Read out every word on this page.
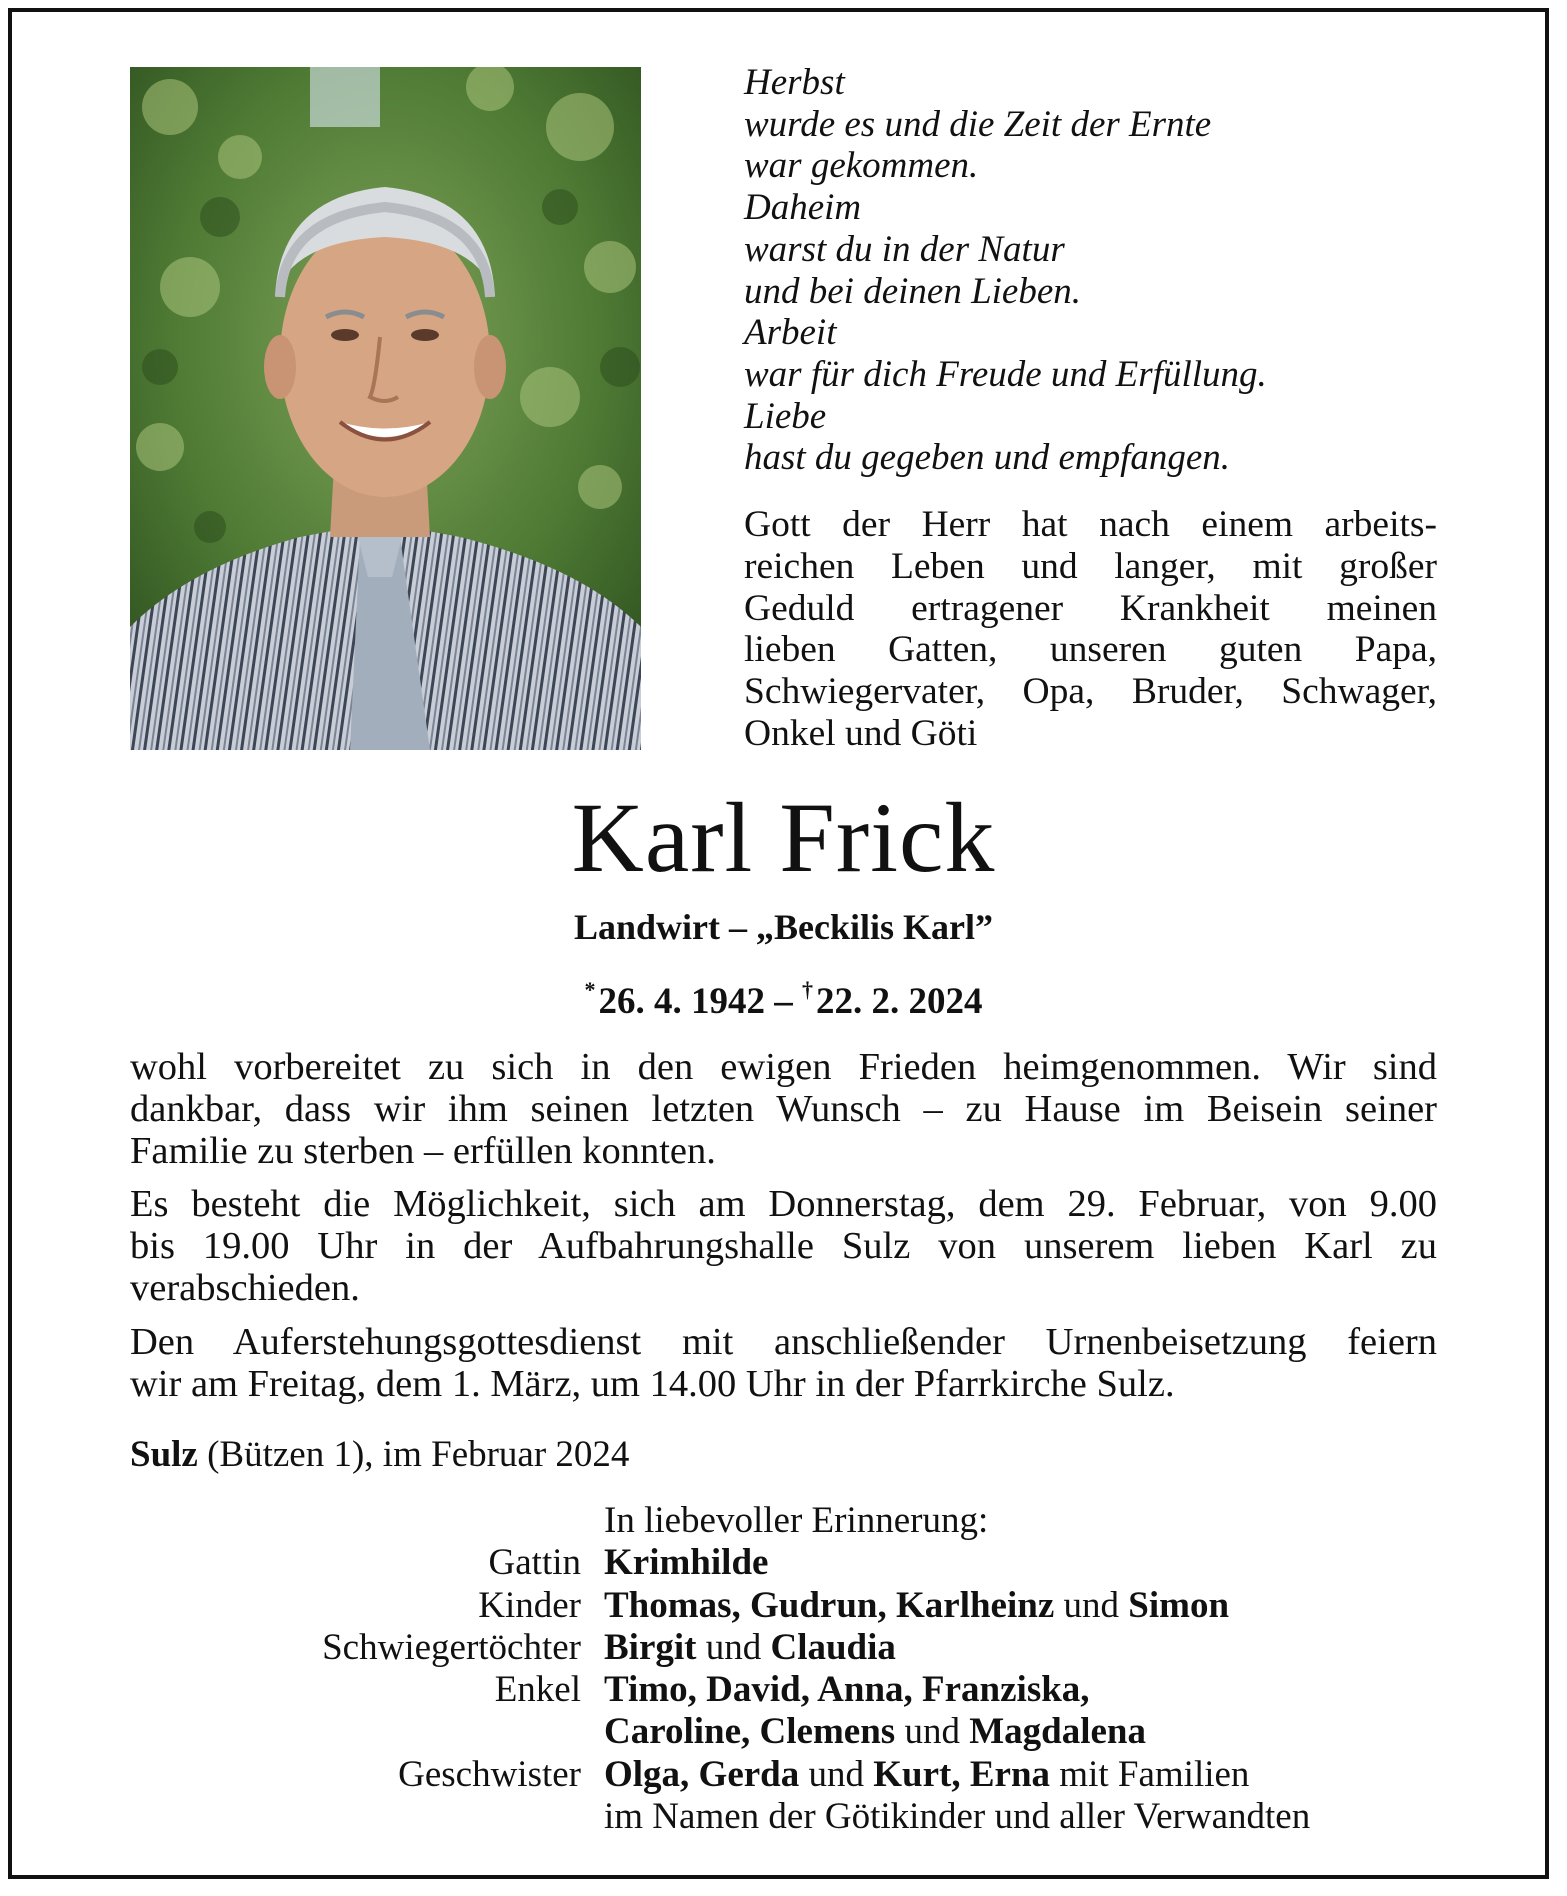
Herbst
wurde es und die Zeit der Ernte
war gekommen.
Daheim
warst du in der Natur
und bei deinen Lieben.
Arbeit
war für dich Freude und Erfüllung.
Liebe
hast du gegeben und empfangen.
Gott der Herr hat nach einem arbeits-
reichen Leben und langer, mit großer
Geduld ertragener Krankheit meinen
lieben Gatten, unseren guten Papa,
Schwiegervater, Opa, Bruder, Schwager,
Onkel und Göti
Karl Frick
Landwirt – „Beckilis Karl”
*26. 4. 1942 – †22. 2. 2024

wohl vorbereitet zu sich in den ewigen Frieden heimgenommen. Wir sind
dankbar, dass wir ihm seinen letzten Wunsch – zu Hause im Beisein seiner
Familie zu sterben – erfüllen konnten.

Es besteht die Möglichkeit, sich am Donnerstag, dem 29. Februar, von 9.00
bis 19.00 Uhr in der Aufbahrungshalle Sulz von unserem lieben Karl zu
verabschieden.

Den Auferstehungsgottesdienst mit anschließender Urnenbeisetzung feiern
wir am Freitag, dem 1. März, um 14.00 Uhr in der Pfarrkirche Sulz.

Sulz (Bützen 1), im Februar 2024
In liebevoller Erinnerung:
Gattin Krimhilde
Kinder Thomas, Gudrun, Karlheinz und Simon
Schwiegertöchter Birgit und Claudia
Enkel Timo, David, Anna, Franziska,
Caroline, Clemens und Magdalena
Geschwister Olga, Gerda und Kurt, Erna mit Familien
im Namen der Götikinder und aller Verwandten
